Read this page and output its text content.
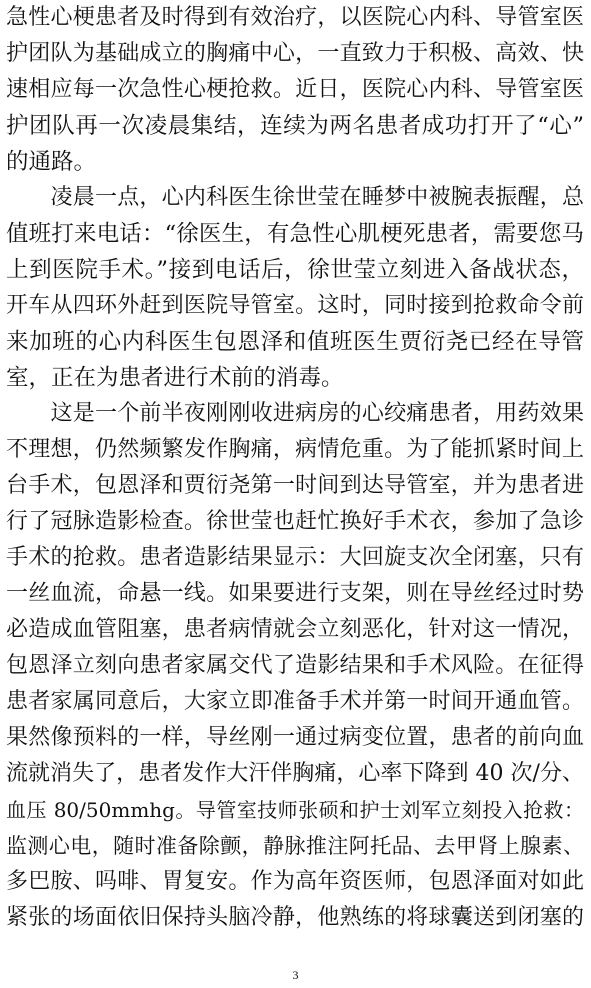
急性心梗患者及时得到有效治疗，以医院心内科、导管室医
护团队为基础成立的胸痛中心，一直致力于积极、高效、快
速相应每一次急性心梗抢救。近日，医院心内科、导管室医
护团队再一次凌晨集结，连续为两名患者成功打开了“心”
的通路。
　　凌晨一点，心内科医生徐世莹在睡梦中被腕表振醒，总
值班打来电话：“徐医生，有急性心肌梗死患者，需要您马
上到医院手术。”接到电话后，徐世莹立刻进入备战状态，
开车从四环外赶到医院导管室。这时，同时接到抢救命令前
来加班的心内科医生包恩泽和值班医生贾衍尧已经在导管
室，正在为患者进行术前的消毒。
　　这是一个前半夜刚刚收进病房的心绞痛患者，用药效果
不理想，仍然频繁发作胸痛，病情危重。为了能抓紧时间上
台手术，包恩泽和贾衍尧第一时间到达导管室，并为患者进
行了冠脉造影检查。徐世莹也赶忙换好手术衣，参加了急诊
手术的抢救。患者造影结果显示：大回旋支次全闭塞，只有
一丝血流，命悬一线。如果要进行支架，则在导丝经过时势
必造成血管阻塞，患者病情就会立刻恶化，针对这一情况，
包恩泽立刻向患者家属交代了造影结果和手术风险。在征得
患者家属同意后，大家立即准备手术并第一时间开通血管。
果然像预料的一样，导丝刚一通过病变位置，患者的前向血
流就消失了，患者发作大汗伴胸痛，心率下降到 40 次/分、
血压 80/50mmhg。导管室技师张硕和护士刘军立刻投入抢救：
监测心电，随时准备除颤，静脉推注阿托品、去甲肾上腺素、
多巴胺、吗啡、胃复安。作为高年资医师，包恩泽面对如此
紧张的场面依旧保持头脑冷静，他熟练的将球囊送到闭塞的
3
